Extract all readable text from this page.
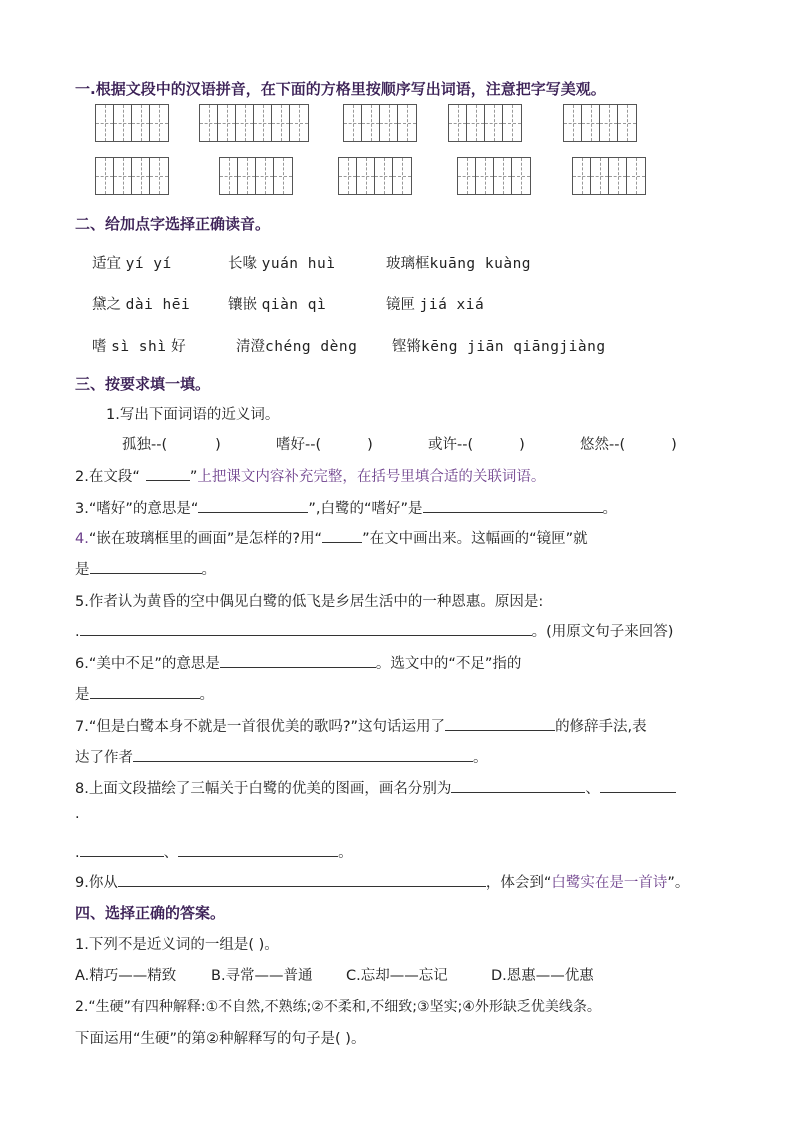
一.根据文段中的汉语拼音，在下面的方格里按顺序写出词语，注意把字写美观。
二、给加点字选择正确读音。
适宜 yí yí	长喙 yuán huì	玻璃框kuāng kuàng
黛之 dài hēi	镶嵌 qiàn qì	镜匣 jiá xiá
嗜 sì shì 好	清澄chéng dèng 铿锵kēng jiān qiāngjiàng
三、按要求填一填。
1.写出下面词语的近义词。
孤独--(	)	嗜好--(	)	或许--(	)	悠然--(	)
2.在文段“	”上把课文内容补充完整，在括号里填合适的关联词语。
3.“嗜好”的意思是“	”,白鹭的“嗜好”是	。
4.“嵌在玻璃框里的画面”是怎样的?用“	”在文中画出来。这幅画的“镜匣”就
是	。
5.作者认为黄昏的空中偶见白鹭的低飞是乡居生活中的一种恩惠。原因是:
.	。(用原文句子来回答)
6.“美中不足”的意思是	。选文中的“不足”指的
是	。
7.“但是白鹭本身不就是一首很优美的歌吗?”这句话运用了	的修辞手法,表
达了作者	。
8.上面文段描绘了三幅关于白鹭的优美的图画，画名分别为	、
.
.	、	。
9.你从	，体会到“白鹭实在是一首诗”。
四、选择正确的答案。
1.下列不是近义词的一组是( )。
A.精巧——精致 B.寻常——普通 C.忘却——忘记	D.恩惠——优惠
2.“生硬”有四种解释:①不自然,不熟练;②不柔和,不细致;③坚实;④外形缺乏优美线条。
下面运用“生硬”的第②种解释写的句子是( )。
